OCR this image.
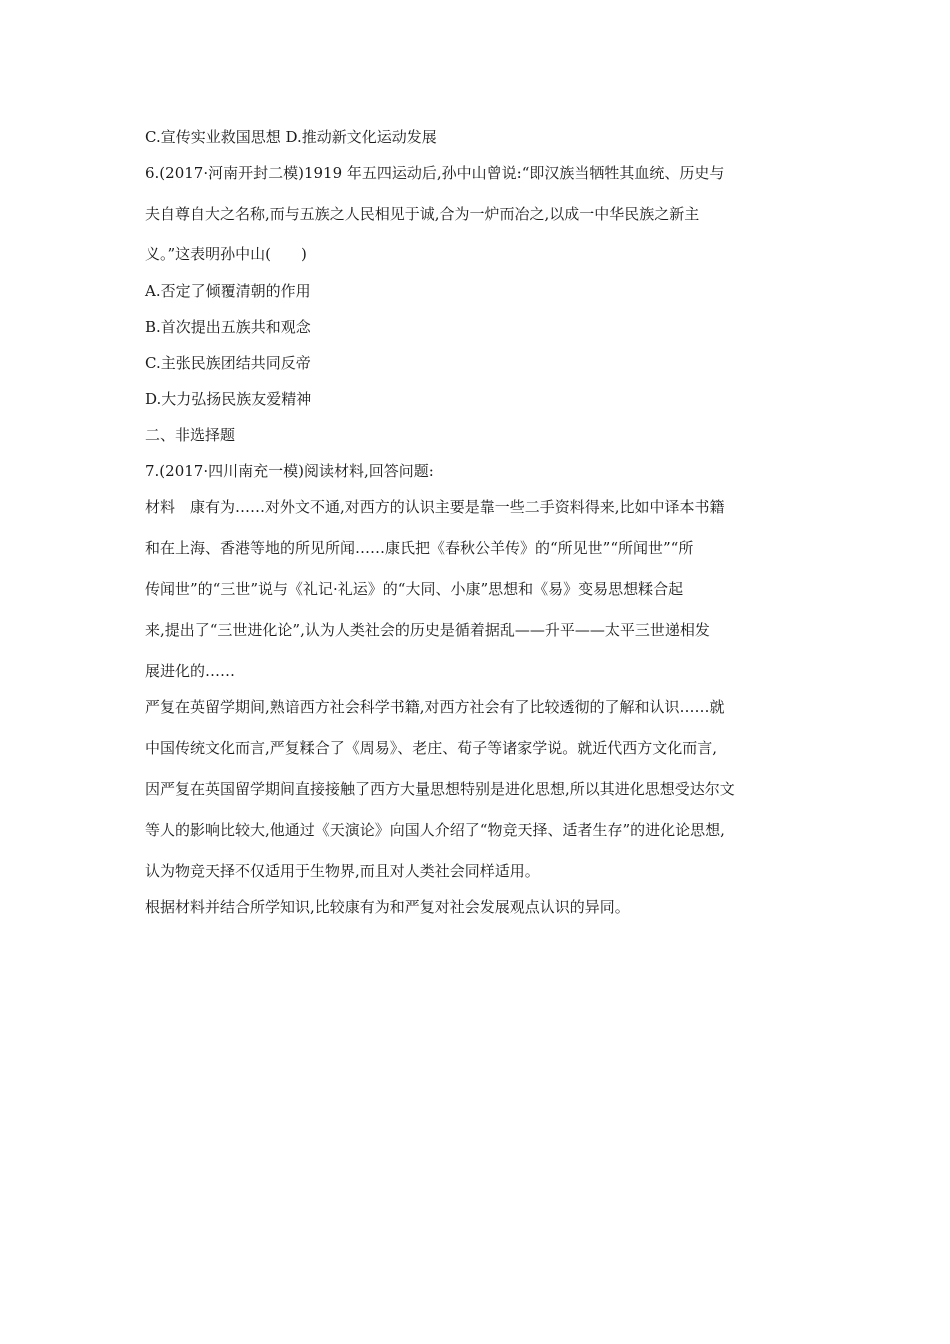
C.宣传实业救国思想 D.推动新文化运动发展
6.(2017·河南开封二模)1919 年五四运动后,孙中山曾说:“即汉族当牺牲其血统、历史与
夫自尊自大之名称,而与五族之人民相见于诚,合为一炉而冶之,以成一中华民族之新主
义。”这表明孙中山(　　)
A.否定了倾覆清朝的作用
B.首次提出五族共和观念
C.主张民族团结共同反帝
D.大力弘扬民族友爱精神
二、非选择题
7.(2017·四川南充一模)阅读材料,回答问题:
材料　康有为……对外文不通,对西方的认识主要是靠一些二手资料得来,比如中译本书籍
和在上海、香港等地的所见所闻……康氏把《春秋公羊传》的“所见世”“所闻世”“所
传闻世”的“三世”说与《礼记·礼运》的“大同、小康”思想和《易》变易思想糅合起
来,提出了“三世进化论”,认为人类社会的历史是循着据乱——升平——太平三世递相发
展进化的……
严复在英留学期间,熟谙西方社会科学书籍,对西方社会有了比较透彻的了解和认识……就
中国传统文化而言,严复糅合了《周易》、老庄、荀子等诸家学说。就近代西方文化而言,
因严复在英国留学期间直接接触了西方大量思想特别是进化思想,所以其进化思想受达尔文
等人的影响比较大,他通过《天演论》向国人介绍了“物竞天择、适者生存”的进化论思想,
认为物竞天择不仅适用于生物界,而且对人类社会同样适用。
根据材料并结合所学知识,比较康有为和严复对社会发展观点认识的异同。
